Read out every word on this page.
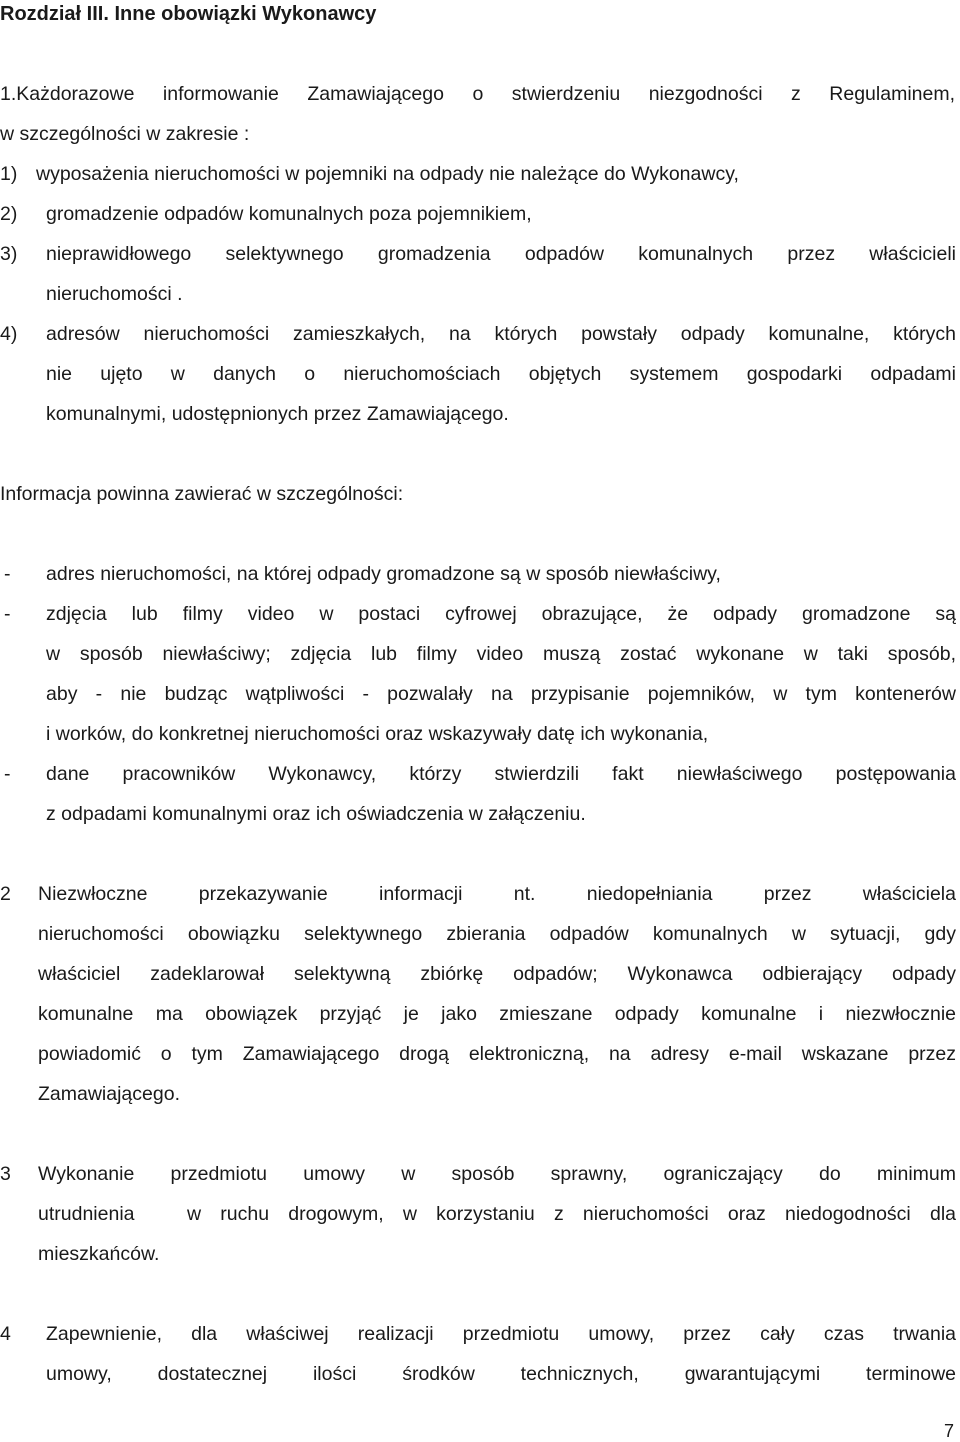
Rozdział III. Inne obowiązki Wykonawcy
1.Każdorazowe informowanie Zamawiającego o stwierdzeniu niezgodności z Regulaminem,
w szczególności w zakresie :
1) wyposażenia nieruchomości w pojemniki na odpady nie należące do Wykonawcy,
2) gromadzenie odpadów komunalnych poza pojemnikiem,
3) nieprawidłowego selektywnego gromadzenia odpadów komunalnych przez właścicieli
nieruchomości .
4) adresów nieruchomości zamieszkałych, na których powstały odpady komunalne, których
nie ujęto w danych o nieruchomościach objętych systemem gospodarki odpadami
komunalnymi, udostępnionych przez Zamawiającego.
Informacja powinna zawierać w szczególności:
- adres nieruchomości, na której odpady gromadzone są w sposób niewłaściwy,
- zdjęcia lub filmy video w postaci cyfrowej obrazujące, że odpady gromadzone są
w sposób niewłaściwy; zdjęcia lub filmy video muszą zostać wykonane w taki sposób,
aby - nie budząc wątpliwości - pozwalały na przypisanie pojemników, w tym kontenerów
i worków, do konkretnej nieruchomości oraz wskazywały datę ich wykonania,
- dane pracowników Wykonawcy, którzy stwierdzili fakt niewłaściwego postępowania
z odpadami komunalnymi oraz ich oświadczenia w załączeniu.
2 Niezwłoczne przekazywanie informacji nt. niedopełniania przez właściciela
nieruchomości obowiązku selektywnego zbierania odpadów komunalnych w sytuacji, gdy
właściciel zadeklarował selektywną zbiórkę odpadów; Wykonawca odbierający odpady
komunalne ma obowiązek przyjąć je jako zmieszane odpady komunalne i niezwłocznie
powiadomić o tym Zamawiającego drogą elektroniczną, na adresy e-mail wskazane przez
Zamawiającego.
3 Wykonanie przedmiotu umowy w sposób sprawny, ograniczający do minimum
utrudnienia	w ruchu drogowym, w korzystaniu z nieruchomości oraz niedogodności dla
mieszkańców.
4 Zapewnienie, dla właściwej realizacji przedmiotu umowy, przez cały czas trwania
umowy, dostatecznej ilości środków technicznych, gwarantującymi terminowe
7
